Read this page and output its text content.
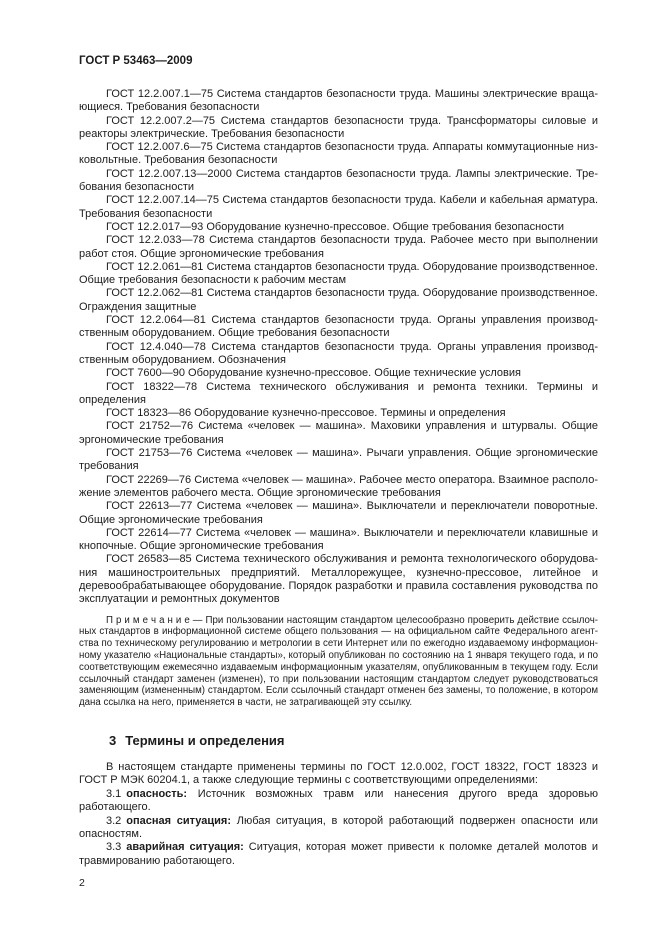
ГОСТ Р 53463—2009

ГОСТ 12.2.007.1—75 Система стандартов безопасности труда. Машины электрические вращающиеся. Требования безопасности

ГОСТ 12.2.007.2—75 Система стандартов безопасности труда. Трансформаторы силовые и реакторы электрические. Требования безопасности

ГОСТ 12.2.007.6—75 Система стандартов безопасности труда. Аппараты коммутационные низковольтные. Требования безопасности

ГОСТ 12.2.007.13—2000 Система стандартов безопасности труда. Лампы электрические. Требования безопасности

ГОСТ 12.2.007.14—75 Система стандартов безопасности труда. Кабели и кабельная арматура. Требования безопасности

ГОСТ 12.2.017—93 Оборудование кузнечно-прессовое. Общие требования безопасности

ГОСТ 12.2.033—78 Система стандартов безопасности труда. Рабочее место при выполнении работ стоя. Общие эргономические требования

ГОСТ 12.2.061—81 Система стандартов безопасности труда. Оборудование производственное. Общие требования безопасности к рабочим местам

ГОСТ 12.2.062—81 Система стандартов безопасности труда. Оборудование производственное. Ограждения защитные

ГОСТ 12.2.064—81 Система стандартов безопасности труда. Органы управления производственным оборудованием. Общие требования безопасности

ГОСТ 12.4.040—78 Система стандартов безопасности труда. Органы управления производственным оборудованием. Обозначения

ГОСТ 7600—90 Оборудование кузнечно-прессовое. Общие технические условия

ГОСТ 18322—78 Система технического обслуживания и ремонта техники. Термины и определения

ГОСТ 18323—86 Оборудование кузнечно-прессовое. Термины и определения

ГОСТ 21752—76 Система «человек — машина». Маховики управления и штурвалы. Общие эргономические требования

ГОСТ 21753—76 Система «человек — машина». Рычаги управления. Общие эргономические требования

ГОСТ 22269—76 Система «человек — машина». Рабочее место оператора. Взаимное расположение элементов рабочего места. Общие эргономические требования

ГОСТ 22613—77 Система «человек — машина». Выключатели и переключатели поворотные. Общие эргономические требования

ГОСТ 22614—77 Система «человек — машина». Выключатели и переключатели клавишные и кнопочные. Общие эргономические требования

ГОСТ 26583—85 Система технического обслуживания и ремонта технологического оборудования машиностроительных предприятий. Металлорежущее, кузнечно-прессовое, литейное и деревообрабатывающее оборудование. Порядок разработки и правила составления руководства по эксплуатации и ремонтных документов

П р и м е ч а н и е — При пользовании настоящим стандартом целесообразно проверить действие ссылочных стандартов в информационной системе общего пользования — на официальном сайте Федерального агентства по техническому регулированию и метрологии в сети Интернет или по ежегодно издаваемому информационному указателю «Национальные стандарты», который опубликован по состоянию на 1 января текущего года, и по соответствующим ежемесячно издаваемым информационным указателям, опубликованным в текущем году. Если ссылочный стандарт заменен (изменен), то при пользовании настоящим стандартом следует руководствоваться заменяющим (измененным) стандартом. Если ссылочный стандарт отменен без замены, то положение, в котором дана ссылка на него, применяется в части, не затрагивающей эту ссылку.

3 Термины и определения

В настоящем стандарте применены термины по ГОСТ 12.0.002, ГОСТ 18322, ГОСТ 18323 и ГОСТ Р МЭК 60204.1, а также следующие термины с соответствующими определениями:

3.1 опасность: Источник возможных травм или нанесения другого вреда здоровью работающего.

3.2 опасная ситуация: Любая ситуация, в которой работающий подвержен опасности или опасностям.

3.3 аварийная ситуация: Ситуация, которая может привести к поломке деталей молотов и травмированию работающего.

2
